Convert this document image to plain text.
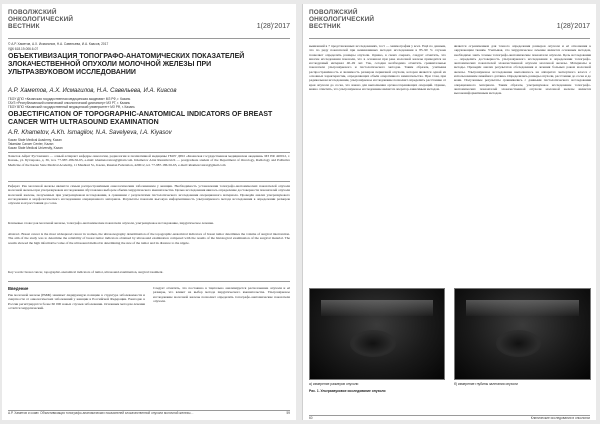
ПОВОЛЖСКИЙ
ОНКОЛОГИЧЕСКИЙ
ВЕСТНИК	1(28)'2017
© А.Р. Хаметов, А.Х. Исмагилов, Н.А. Савельева, И.А. Киасов, 2017
УДК 618.19-006.6-07
ОБЪЕКТИВИЗАЦИЯ ТОПОГРАФО-АНАТОМИЧЕСКИХ ПОКАЗАТЕЛЕЙ ЗЛОКАЧЕСТВЕННОЙ ОПУХОЛИ МОЛОЧНОЙ ЖЕЛЕЗЫ ПРИ УЛЬТРАЗВУКОВОМ ИССЛЕДОВАНИИ
А.Р. Хаметов, А.Х. Исмагилов, Н.А. Савельева, И.А. Киасов
ГБОУ ДПО «Казанская государственная медицинская академия» МЗ РФ, г. Казань
ГАУЗ «Республиканский клинический онкологический диспансер» МЗ РТ, г. Казань
ГБОУ ВПО «Казанский государственный медицинский университет» МЗ РФ, г. Казань
OBJECTIFICATION OF TOPOGRAPHIC-ANATOMICAL INDICATORS OF BREAST CANCER WITH ULTRASOUND EXAMINATION
A.R. Khametov, A.Kh. Ismagilov, N.A. Savelyeva, I.A. Kiyasov
Kazan State Medical Academy, Kazan
Tatarstan Cancer Center, Kazan
Kazan State Medical University, Kazan
Хаметов Айрат Рустамович — очный аспирант кафедры онкологии, радиологии и паллиативной медицины ГБОУ ДПО «Казанская государственная медицинская академия» МЗ РФ 420012, г. Казань, ул. Бутлерова, д. 36, тел. +7-987-186-56-65, e-mail: khametovairat@gmail.com. Khametov Airat Rustamovich — postgraduate student of the Department of Oncology, Radiology and Palliative Medicine of the Kazan State Medical Academy, 11 Mushtari St., Kazan, Russian Federation, 420012, tel. +7-987-186-56-65, e-mail: khametovairat@gmail.com
Реферат. Рак молочной железы является самым распространённым онкологическим заболеванием у женщин. Необходимость установления топографо-анатомических показателей опухоли молочной железы при ультразвуковом исследовании обусловлена выбором объёма хирургического вмешательства. Целью исследования явилось определение достоверности показателей опухоли молочной железы, полученных при ультразвуковом исследовании, в сравнении с результатами гистологического исследования операционного материала. Проведён анализ ультразвукового исследования и морфологического исследования операционного материала. Результаты показали высокую информативность ультразвукового метода исследования в определении размеров опухоли и её расстояния до соска.
Ключевые слова: рак молочной железы, топографо-анатомические показатели опухоли, ультразвуковое исследование, хирургическое лечение.
Abstract. Breast cancer is the most widespread cancer in women, the ultrasonography determination of the topographic-anatomical indicators of breast tumor determines the volume of surgical intervention. The aim of the study was to determine the reliability of breast tumor indicators obtained by ultrasound examination compared with the results of the histological examination of the surgical material. The results showed the high informative value of the ultrasound method in determining the size of the tumor and its distance to the nipple.
Key words: breast cancer, topographic-anatomical indicators of tumor, ultrasound examination, surgical treatment.
Введение
Рак молочной железы (РМЖ) занимает лидирующую позицию в структуре заболеваемости и смертности от онкологических заболеваний у женщин в Российской Федерации. Ежегодно в России регистрируется более 60 000 новых случаев заболевания. Основным методом лечения остаётся хирургический.
Следует отметить, что постоянно в тщательно анализируется расположение опухоли и её размеры, что влияет на выбор метода хирургического вмешательства. Ультразвуковое исследование молочной железы позволяет определить топографо-анатомические показатели опухоли.
А.Р. Хаметов и соавт. Объективизация топографо-анатомических показателей злокачественной опухоли молочной железы…	59
ПОВОЛЖСКИЙ
ОНКОЛОГИЧЕСКИЙ
ВЕСТНИК	1(28)'2017
выявлений в 7 представленных исследованиях, тест — маммография у всех. Ещё по данным, что по ряду показателей при неинвазивных методах исследования в 85–90 % случаев позволяет определить размеры опухоли. Однако, в своих очерках, следует отметить, что многие исследования показали, что в основном при раке молочной железы приводится на исследуемый интервал 40–49 лет. Так, сегодня необходимо отметить сравнительные показатели ультразвукового и гистологического методов. Таким образом, учитывая распространённость и значимость размеров первичной опухоли, которая является одной из основных характеристик, определяющих объём оперативного вмешательства. При этом, при радикальном исследовании, ультразвуковое исследование позволяет определить расстояние от края опухоли до соска, что важно для выполнения органосохраняющих операций. Однако, важно отметить, что ультразвуковое исследование является оператор-зависимым методом.
является ограничением для точного определения размеров опухоли и её отношения к окружающим тканям. Учитывая, что хирургическое лечение является основным методом, необходимо знать точные топографо-анатомические показатели опухоли. Цель исследования — определить достоверность ультразвукового исследования в определении топографо-анатомических показателей злокачественной опухоли молочной железы. Материалы и методы. Проведён анализ результатов обследования и лечения больных раком молочной железы. Ультразвуковое исследование выполнялось на аппаратах экспертного класса с использованием линейного датчика. Определялись размеры опухоли, расстояние до соска и до кожи. Полученные результаты сравнивались с данными гистологического исследования операционного материала. Таким образом, ультразвуковое исследование топографо-анатомических показателей злокачественной опухоли молочной железы является высокоинформативным методом.
а) измерение размеров опухоли	б) измерение глубины залегания опухоли
Рис. 1. Ультразвуковое исследование опухоли
60	Клинические исследования в онкологии
